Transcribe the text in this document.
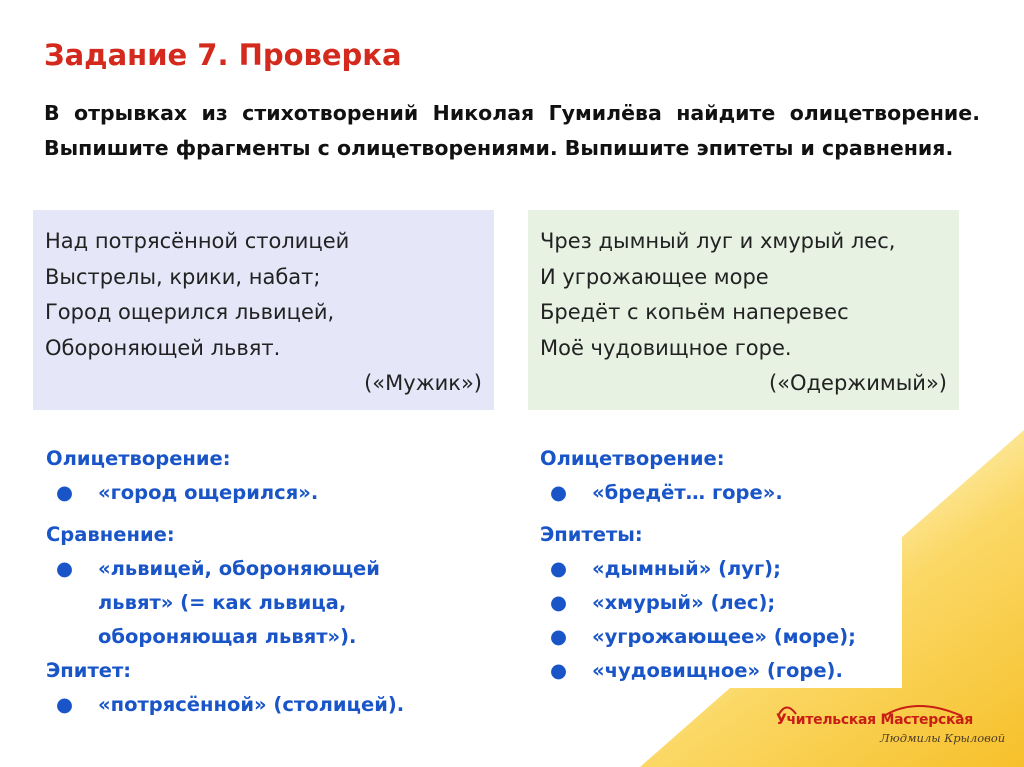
Задание 7. Проверка
В отрывках из стихотворений Николая Гумилёва найдите олицетворение. Выпишите фрагменты с олицетворениями. Выпишите эпитеты и сравнения.
Над потрясённой столицей
Выстрелы, крики, набат;
Город ощерился львицей,
Обороняющей львят.
(«Мужик»)
Чрез дымный луг и хмурый лес,
И угрожающее море
Бредёт с копьём наперевес
Моё чудовищное горе.
(«Одержимый»)
Олицетворение:
● «город ощерился».
Сравнение:
● «львицей, обороняющей
львят» (= как львица,
обороняющая львят»).
Эпитет:
● «потрясённой» (столицей).
Олицетворение:
● «бредёт… горе».
Эпитеты:
● «дымный» (луг);
● «хмурый» (лес);
● «угрожающее» (море);
● «чудовищное» (горе).
Учительская Мастерская
Людмилы Крыловой
